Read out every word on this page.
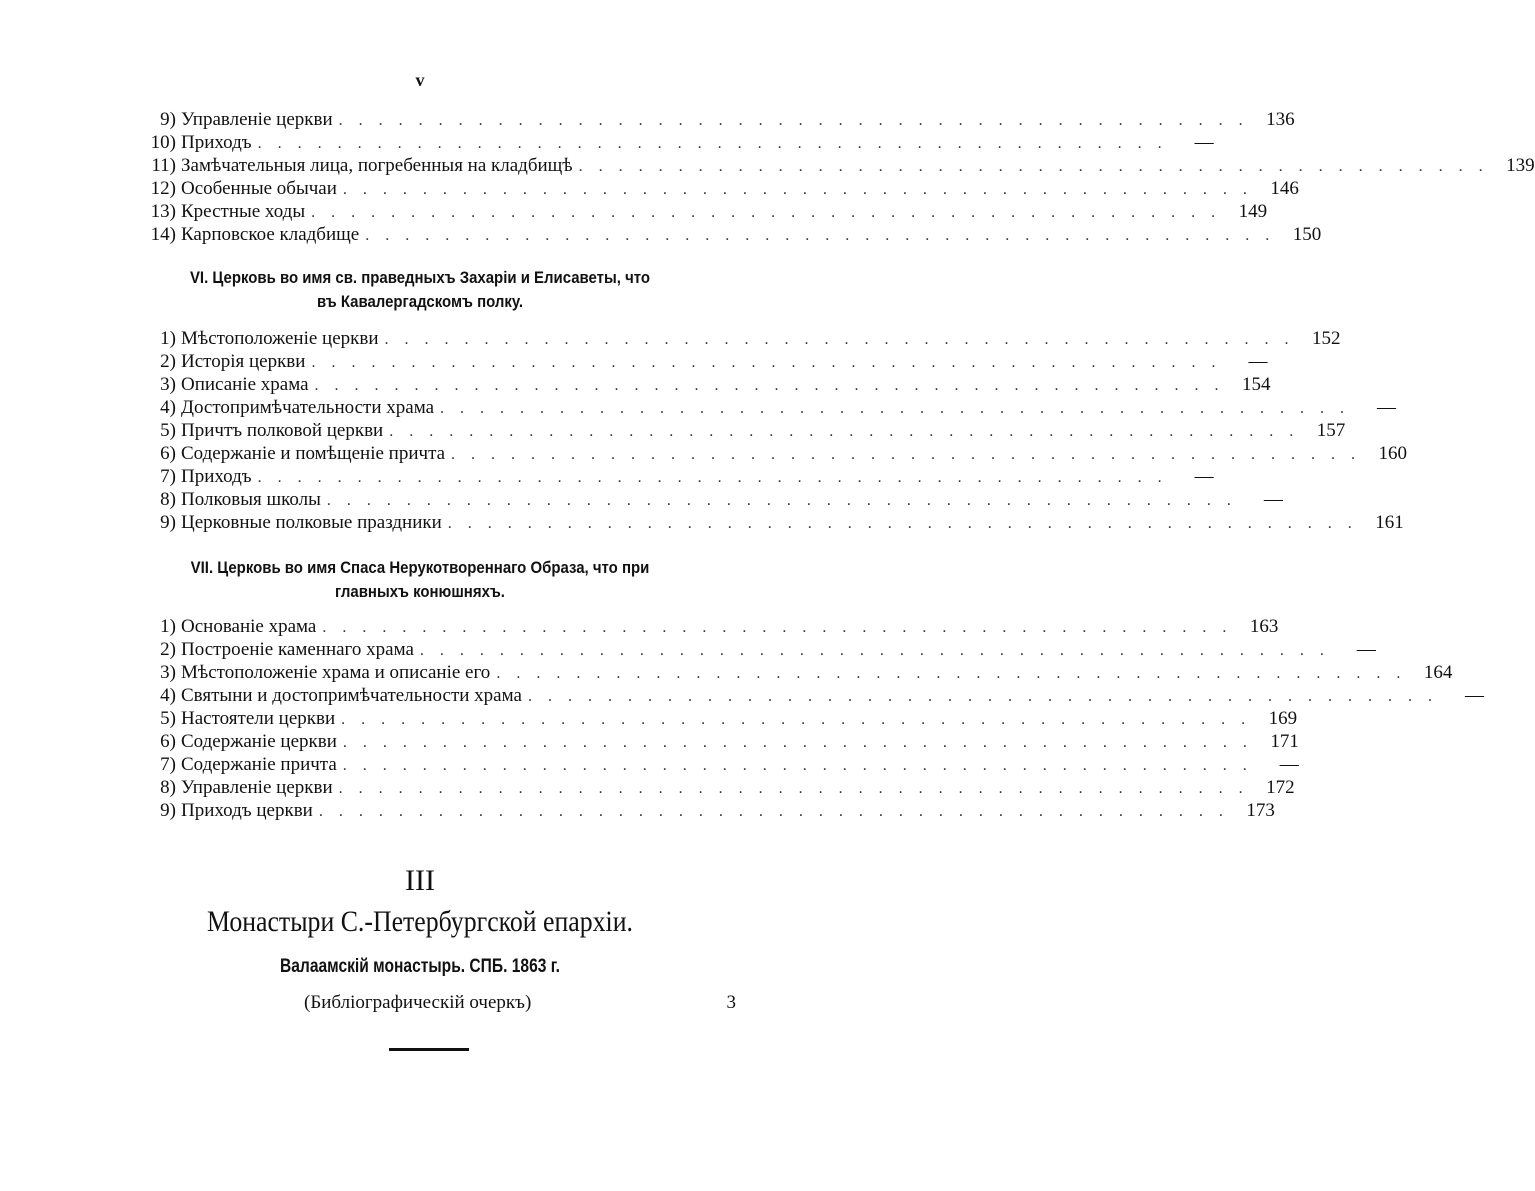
v
9) Управленіе церкви . . . . . . . . . . . . . . . . . . . . . . . . . . . . . . . . . . . . . . . . . . . . . . 136
10) Приходъ . . . . . . . . . . . . . . . . . . . . . . . . . . . . . . . . . . . . . . . . . . . . . .	—
11) Замѣчательныя лица, погребенныя на кладбищѣ . . . . . . . . . . . . . . . . . . . . . . . . . . . . . . . . . . . . . . . . . . . . . . 139
12) Особенные обычаи . . . . . . . . . . . . . . . . . . . . . . . . . . . . . . . . . . . . . . . . . . . . . . 146
13) Крестные ходы . . . . . . . . . . . . . . . . . . . . . . . . . . . . . . . . . . . . . . . . . . . . . . 149
14) Карповское кладбище . . . . . . . . . . . . . . . . . . . . . . . . . . . . . . . . . . . . . . . . . . . . . . 150
VI. Церковь во имя св. праведныхъ Захаріи и Елисаветы, что
въ Кавалергадскомъ полку.
1) Мѣстоположеніе церкви . . . . . . . . . . . . . . . . . . . . . . . . . . . . . . . . . . . . . . . . . . . . . . 152
2) Исторія церкви . . . . . . . . . . . . . . . . . . . . . . . . . . . . . . . . . . . . . . . . . . . . . .	—
3) Описаніе храма . . . . . . . . . . . . . . . . . . . . . . . . . . . . . . . . . . . . . . . . . . . . . . 154
4) Достопримѣчательности храма . . . . . . . . . . . . . . . . . . . . . . . . . . . . . . . . . . . . . . . . . . . . . .	—
5) Причтъ полковой церкви . . . . . . . . . . . . . . . . . . . . . . . . . . . . . . . . . . . . . . . . . . . . . . 157
6) Содержаніе и помѣщеніе причта . . . . . . . . . . . . . . . . . . . . . . . . . . . . . . . . . . . . . . . . . . . . . . 160
7) Приходъ . . . . . . . . . . . . . . . . . . . . . . . . . . . . . . . . . . . . . . . . . . . . . .	—
8) Полковыя школы . . . . . . . . . . . . . . . . . . . . . . . . . . . . . . . . . . . . . . . . . . . . . .	—
9) Церковные полковые праздники . . . . . . . . . . . . . . . . . . . . . . . . . . . . . . . . . . . . . . . . . . . . . . 161
VII. Церковь во имя Спаса Нерукотвореннаго Образа, что при
главныхъ конюшняхъ.
1) Основаніе храма . . . . . . . . . . . . . . . . . . . . . . . . . . . . . . . . . . . . . . . . . . . . . . 163
2) Построеніе каменнаго храма . . . . . . . . . . . . . . . . . . . . . . . . . . . . . . . . . . . . . . . . . . . . . .	—
3) Мѣстоположеніе храма и описаніе его . . . . . . . . . . . . . . . . . . . . . . . . . . . . . . . . . . . . . . . . . . . . . . 164
4) Святыни и достопримѣчательности храма . . . . . . . . . . . . . . . . . . . . . . . . . . . . . . . . . . . . . . . . . . . . . .	—
5) Настоятели церкви . . . . . . . . . . . . . . . . . . . . . . . . . . . . . . . . . . . . . . . . . . . . . . 169
6) Содержаніе церкви . . . . . . . . . . . . . . . . . . . . . . . . . . . . . . . . . . . . . . . . . . . . . . 171
7) Содержаніе причта . . . . . . . . . . . . . . . . . . . . . . . . . . . . . . . . . . . . . . . . . . . . . .	—
8) Управленіе церкви . . . . . . . . . . . . . . . . . . . . . . . . . . . . . . . . . . . . . . . . . . . . . . 172
9) Приходъ церкви . . . . . . . . . . . . . . . . . . . . . . . . . . . . . . . . . . . . . . . . . . . . . . 173
III
Монастыри С.-Петербургской епархіи.
Валаамскій монастырь. СПБ. 1863 г.
(Библіографическій очеркъ)	3
